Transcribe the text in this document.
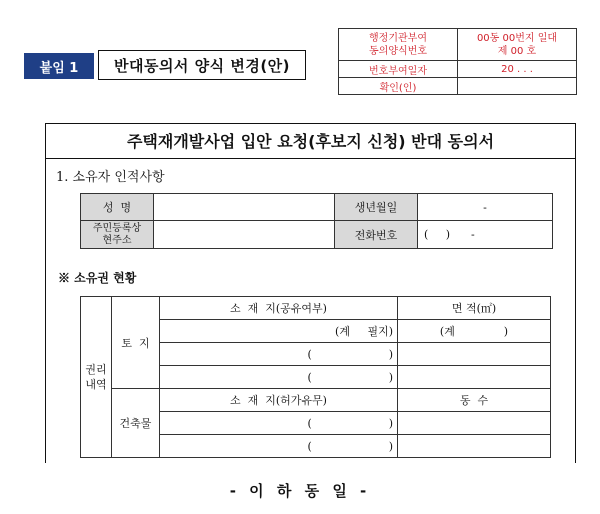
붙임 1	반대동의서 양식 변경(안)
행정기관부여
동의양식번호	00동 00번지 일대
제 00 호
번호부여일자	20 . . .
확인(인)	
주택재개발사업 입안 요청(후보지 신청) 반대 동의서
1. 소유자 인적사항
성  명		생년월일	-
주민등록상
현주소		전화번호	(     )      -
※ 소유권 현황
권리
내역	토  지	소  재  지(공유여부)	면 적(㎡)
		(계     필지)	(계              )
		(                      )	
		(                      )	
	건축물	소  재  지(허가유무)	동  수
		(                      )	
		(                      )	
- 이 하 동 일 -
